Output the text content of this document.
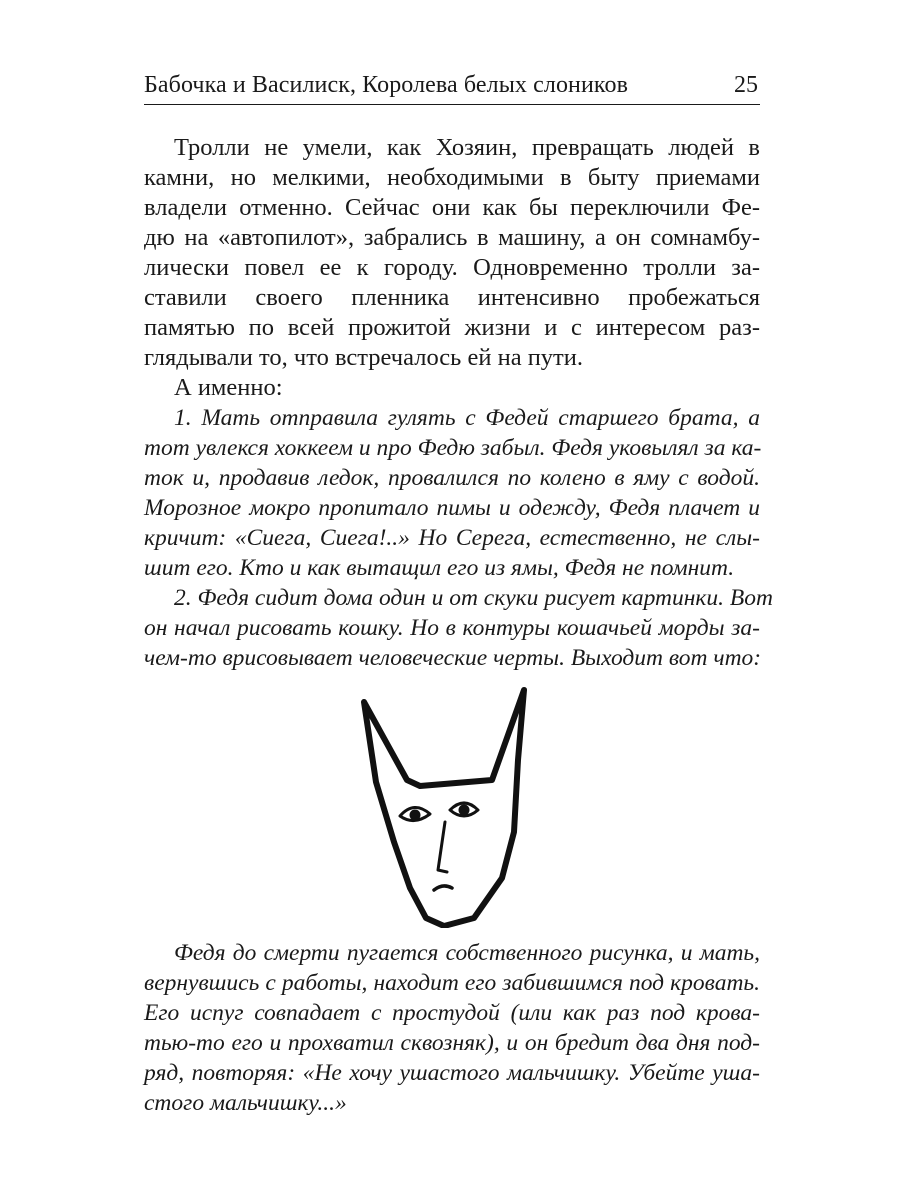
Бабочка и Василиск, Королева белых слоников	25
Тролли не умели, как Хозяин, превращать людей в
камни, но мелкими, необходимыми в быту приемами
владели отменно. Сейчас они как бы переключили Фе-
дю на «автопилот», забрались в машину, а он сомнамбу-
лически повел ее к городу. Одновременно тролли за-
ставили своего пленника интенсивно пробежаться
памятью по всей прожитой жизни и с интересом раз-
глядывали то, что встречалось ей на пути.
А именно:
1. Мать отправила гулять с Федей старшего брата, а
тот увлекся хоккеем и про Федю забыл. Федя уковылял за ка-
ток и, продавив ледок, провалился по колено в яму с водой.
Морозное мокро пропитало пимы и одежду, Федя плачет и
кричит: «Сиега, Сиега!..» Но Серега, естественно, не слы-
шит его. Кто и как вытащил его из ямы, Федя не помнит.
2. Федя сидит дома один и от скуки рисует картинки. Вот
он начал рисовать кошку. Но в контуры кошачьей морды за-
чем-то врисовывает человеческие черты. Выходит вот что:
Федя до смерти пугается собственного рисунка, и мать,
вернувшись с работы, находит его забившимся под кровать.
Его испуг совпадает с простудой (или как раз под крова-
тью-то его и прохватил сквозняк), и он бредит два дня под-
ряд, повторяя: «Не хочу ушастого мальчишку. Убейте уша-
стого мальчишку...»
